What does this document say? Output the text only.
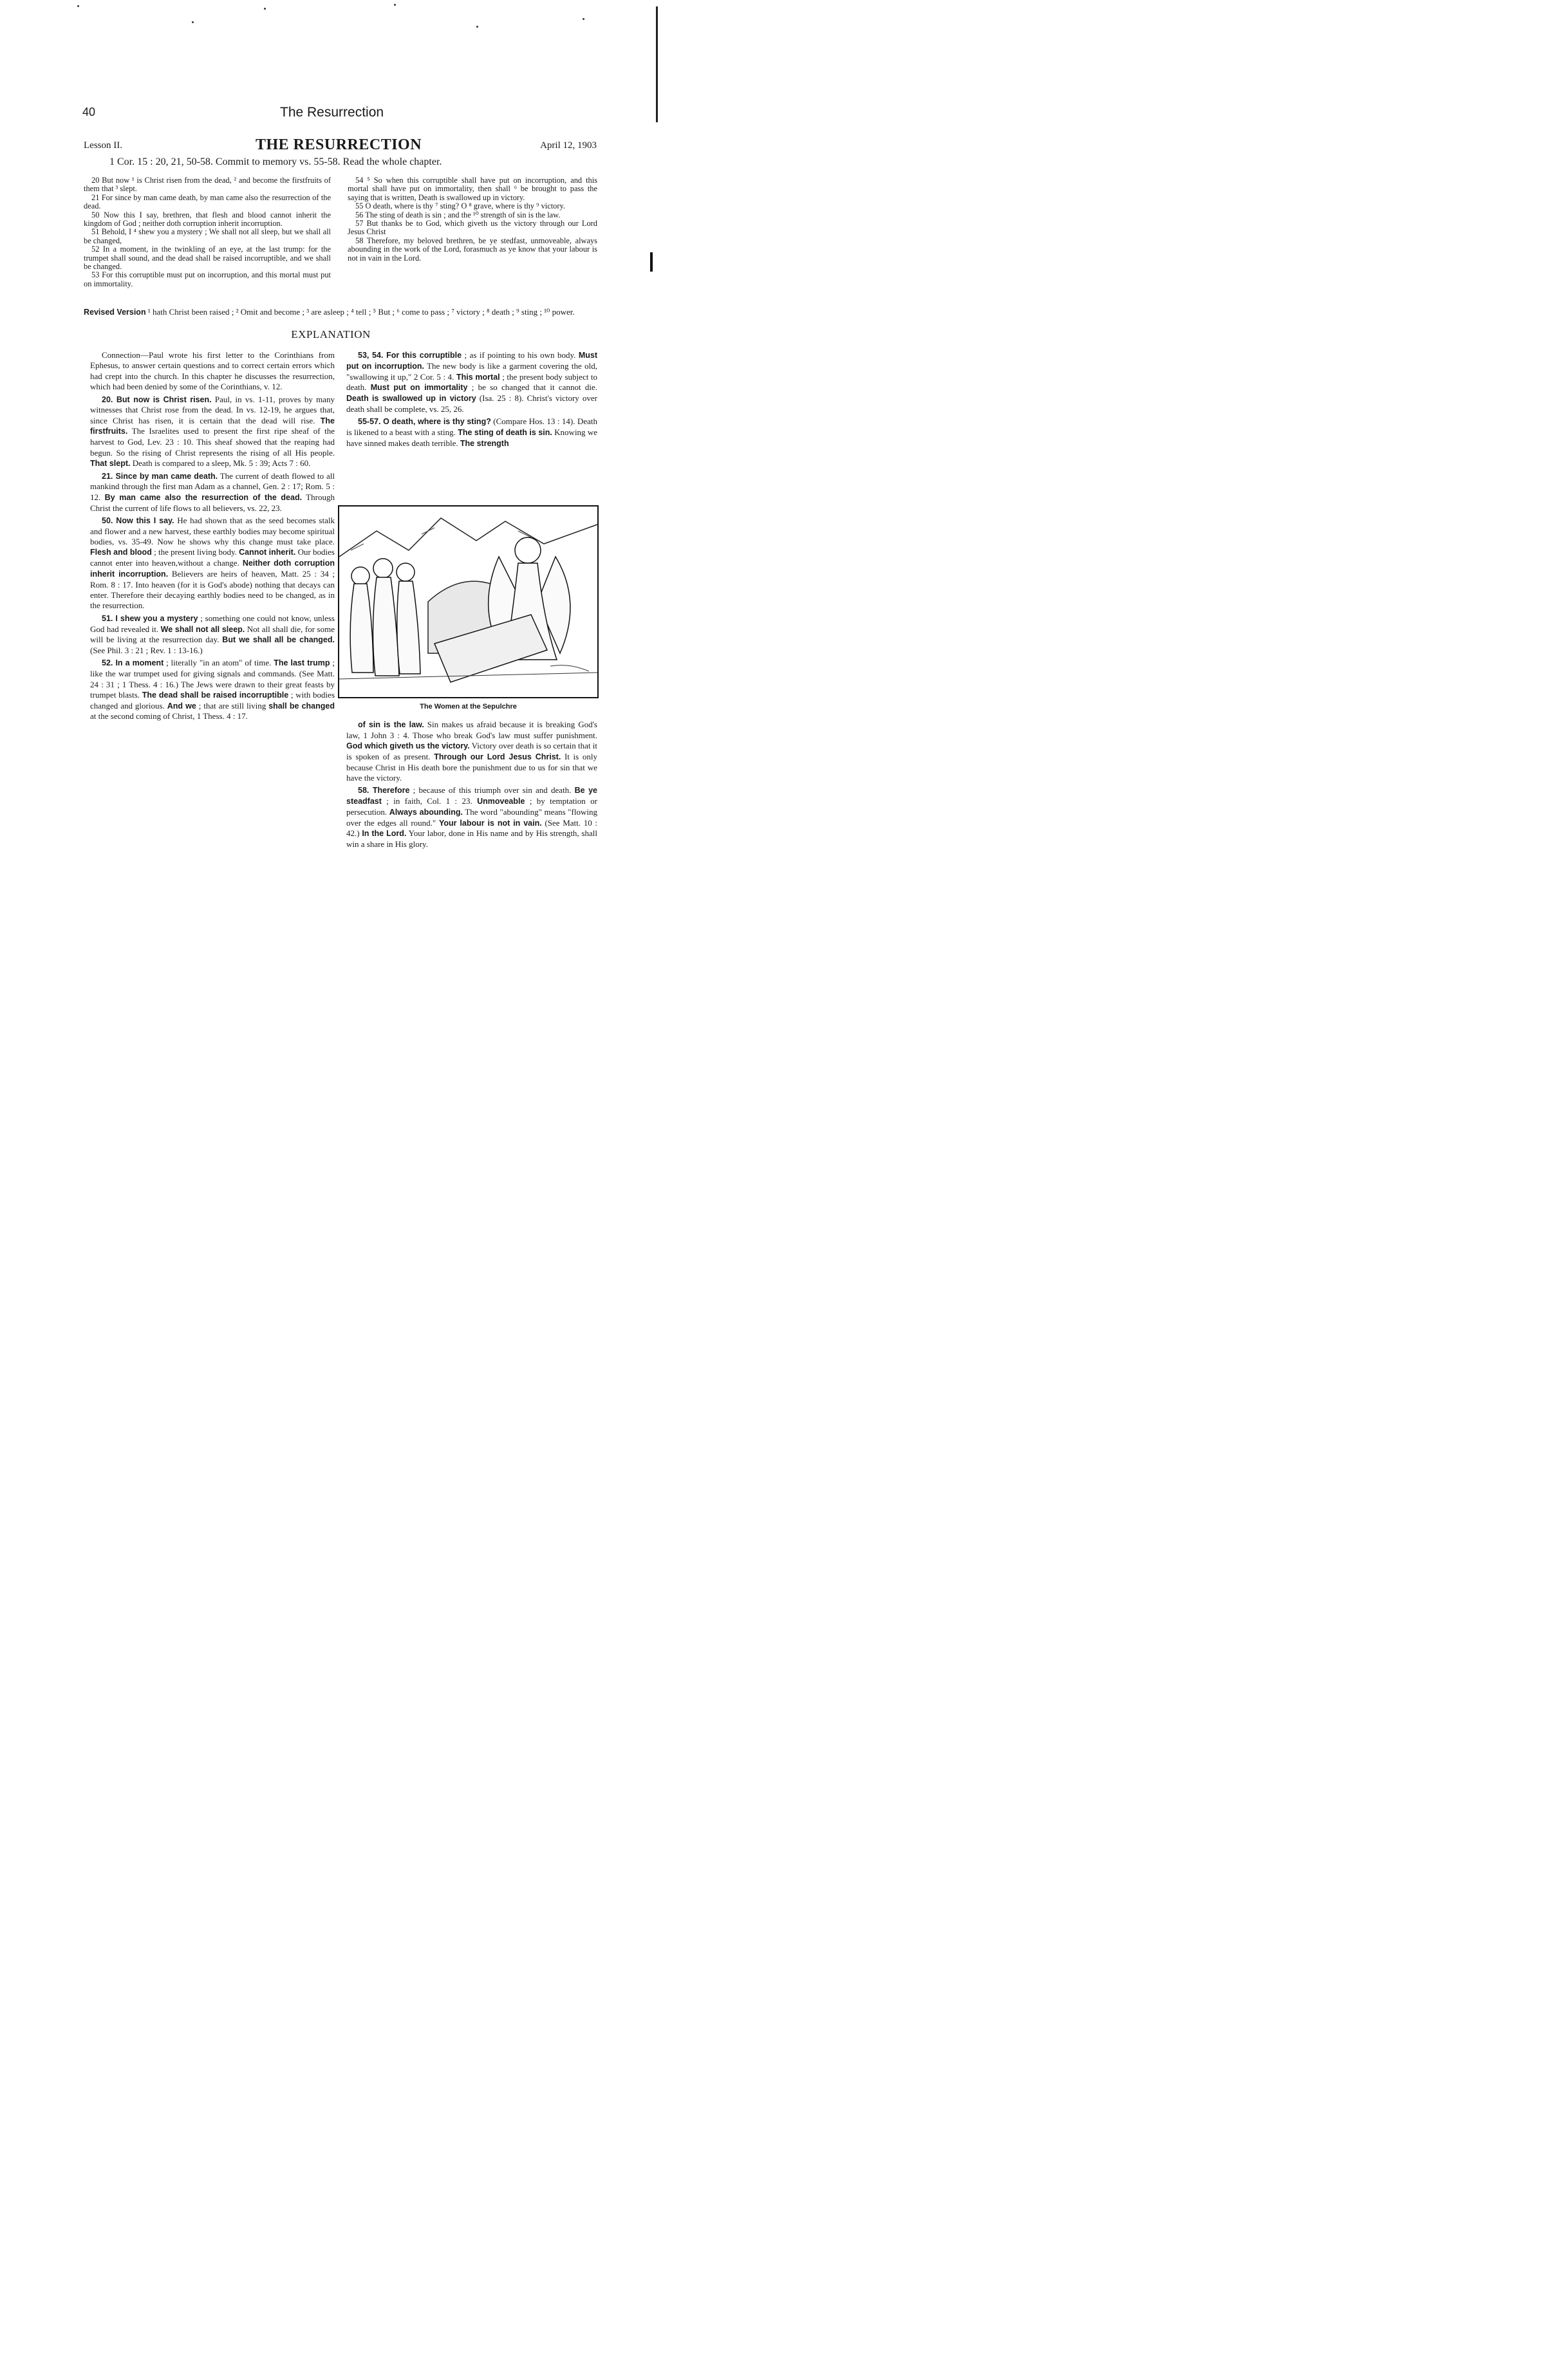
40	The Resurrection
Lesson II.	THE RESURRECTION	April 12, 1903
1 Cor. 15 : 20, 21, 50-58. Commit to memory vs. 55-58. Read the whole chapter.

20 But now ¹ is Christ risen from the dead, ² and become the firstfruits of them that ³ slept.

21 For since by man came death, by man came also the resurrection of the dead.

50 Now this I say, brethren, that flesh and blood cannot inherit the kingdom of God ; neither doth corruption inherit incorruption.

51 Behold, I ⁴ shew you a mystery ; We shall not all sleep, but we shall all be changed,

52 In a moment, in the twinkling of an eye, at the last trump: for the trumpet shall sound, and the dead shall be raised incorruptible, and we shall be changed.

53 For this corruptible must put on incorruption, and this mortal must put on immortality.

54 ⁵ So when this corruptible shall have put on incorruption, and this mortal shall have put on immortality, then shall ⁶ be brought to pass the saying that is written, Death is swallowed up in victory.

55 O death, where is thy ⁷ sting? O ⁸ grave, where is thy ⁹ victory.

56 The sting of death is sin ; and the ¹⁰ strength of sin is the law.

57 But thanks be to God, which giveth us the victory through our Lord Jesus Christ

58 Therefore, my beloved brethren, be ye stedfast, unmoveable, always abounding in the work of the Lord, forasmuch as ye know that your labour is not in vain in the Lord.

Revised Version ¹ hath Christ been raised ; ² Omit and become ; ³ are asleep ; ⁴ tell ; ⁵ But ; ⁶ come to pass ; ⁷ victory ; ⁸ death ; ⁹ sting ; ¹⁰ power.
EXPLANATION

Connection—Paul wrote his first letter to the Corinthians from Ephesus, to answer certain questions and to correct certain errors which had crept into the church. In this chapter he discusses the resurrection, which had been denied by some of the Corinthians, v. 12.

20. But now is Christ risen. Paul, in vs. 1-11, proves by many witnesses that Christ rose from the dead. In vs. 12-19, he argues that, since Christ has risen, it is certain that the dead will rise. The firstfruits. The Israelites used to present the first ripe sheaf of the harvest to God, Lev. 23 : 10. This sheaf showed that the reaping had begun. So the rising of Christ represents the rising of all His people. That slept. Death is compared to a sleep, Mk. 5 : 39; Acts 7 : 60.

21. Since by man came death. The current of death flowed to all mankind through the first man Adam as a channel, Gen. 2 : 17; Rom. 5 : 12. By man came also the resurrection of the dead. Through Christ the current of life flows to all believers, vs. 22, 23.

50. Now this I say. He had shown that as the seed becomes stalk and flower and a new harvest, these earthly bodies may become spiritual bodies, vs. 35-49. Now he shows why this change must take place. Flesh and blood ; the present living body. Cannot inherit. Our bodies cannot enter into heaven,without a change. Neither doth corruption inherit incorruption. Believers are heirs of heaven, Matt. 25 : 34 ; Rom. 8 : 17. Into heaven (for it is God's abode) nothing that decays can enter. Therefore their decaying earthly bodies need to be changed, as in the resurrection.

51. I shew you a mystery ; something one could not know, unless God had revealed it. We shall not all sleep. Not all shall die, for some will be living at the resurrection day. But we shall all be changed. (See Phil. 3 : 21 ; Rev. 1 : 13-16.)

52. In a moment ; literally "in an atom" of time. The last trump ; like the war trumpet used for giving signals and commands. (See Matt. 24 : 31 ; 1 Thess. 4 : 16.) The Jews were drawn to their great feasts by trumpet blasts. The dead shall be raised incorruptible ; with bodies changed and glorious. And we ; that are still living shall be changed at the second coming of Christ, 1 Thess. 4 : 17.

53, 54. For this corruptible ; as if pointing to his own body. Must put on incorruption. The new body is like a garment covering the old, "swallowing it up," 2 Cor. 5 : 4. This mortal ; the present body subject to death. Must put on immortality ; be so changed that it cannot die. Death is swallowed up in victory (Isa. 25 : 8). Christ's victory over death shall be complete, vs. 25, 26.

55-57. O death, where is thy sting? (Compare Hos. 13 : 14). Death is likened to a beast with a sting. The sting of death is sin. Knowing we have sinned makes death terrible. The strength

The Women at the Sepulchre

of sin is the law. Sin makes us afraid because it is breaking God's law, 1 John 3 : 4. Those who break God's law must suffer punishment. God which giveth us the victory. Victory over death is so certain that it is spoken of as present. Through our Lord Jesus Christ. It is only because Christ in His death bore the punishment due to us for sin that we have the victory.

58. Therefore ; because of this triumph over sin and death. Be ye steadfast ; in faith, Col. 1 : 23. Unmoveable ; by temptation or persecution. Always abounding. The word "abounding" means "flowing over the edges all round." Your labour is not in vain. (See Matt. 10 : 42.) In the Lord. Your labor, done in His name and by His strength, shall win a share in His glory.
